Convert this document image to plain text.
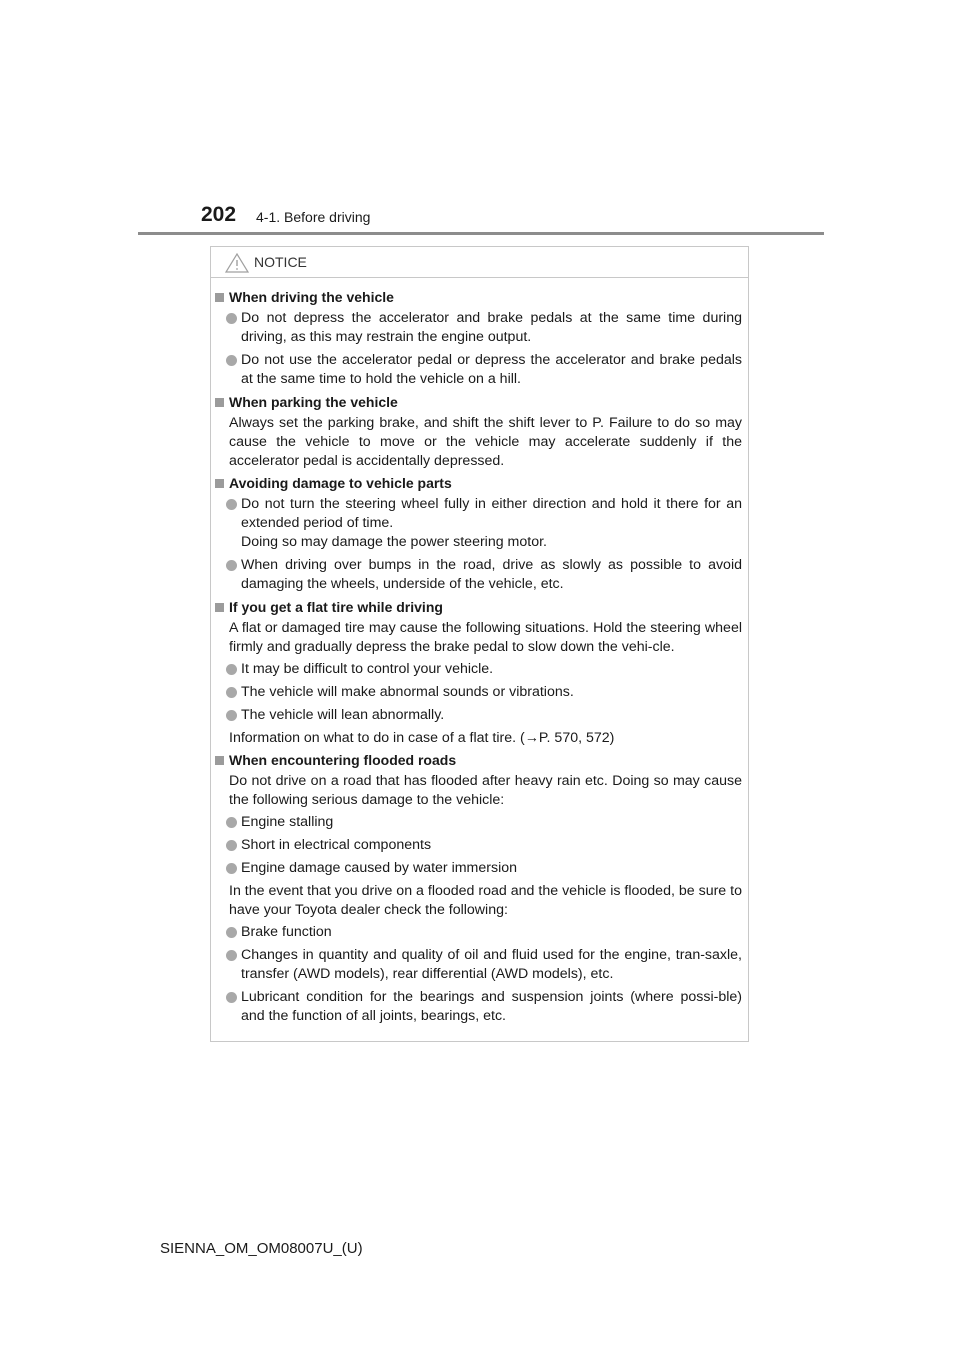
202 4-1. Before driving
NOTICE
When driving the vehicle
Do not depress the accelerator and brake pedals at the same time during driving, as this may restrain the engine output.
Do not use the accelerator pedal or depress the accelerator and brake pedals at the same time to hold the vehicle on a hill.
When parking the vehicle
Always set the parking brake, and shift the shift lever to P. Failure to do so may cause the vehicle to move or the vehicle may accelerate suddenly if the accelerator pedal is accidentally depressed.
Avoiding damage to vehicle parts
Do not turn the steering wheel fully in either direction and hold it there for an extended period of time.
Doing so may damage the power steering motor.
When driving over bumps in the road, drive as slowly as possible to avoid damaging the wheels, underside of the vehicle, etc.
If you get a flat tire while driving
A flat or damaged tire may cause the following situations. Hold the steering wheel firmly and gradually depress the brake pedal to slow down the vehi-cle.
It may be difficult to control your vehicle.
The vehicle will make abnormal sounds or vibrations.
The vehicle will lean abnormally.
Information on what to do in case of a flat tire. (→P. 570, 572)
When encountering flooded roads
Do not drive on a road that has flooded after heavy rain etc. Doing so may cause the following serious damage to the vehicle:
Engine stalling
Short in electrical components
Engine damage caused by water immersion
In the event that you drive on a flooded road and the vehicle is flooded, be sure to have your Toyota dealer check the following:
Brake function
Changes in quantity and quality of oil and fluid used for the engine, tran-saxle, transfer (AWD models), rear differential (AWD models), etc.
Lubricant condition for the bearings and suspension joints (where possi-ble) and the function of all joints, bearings, etc.
SIENNA_OM_OM08007U_(U)
